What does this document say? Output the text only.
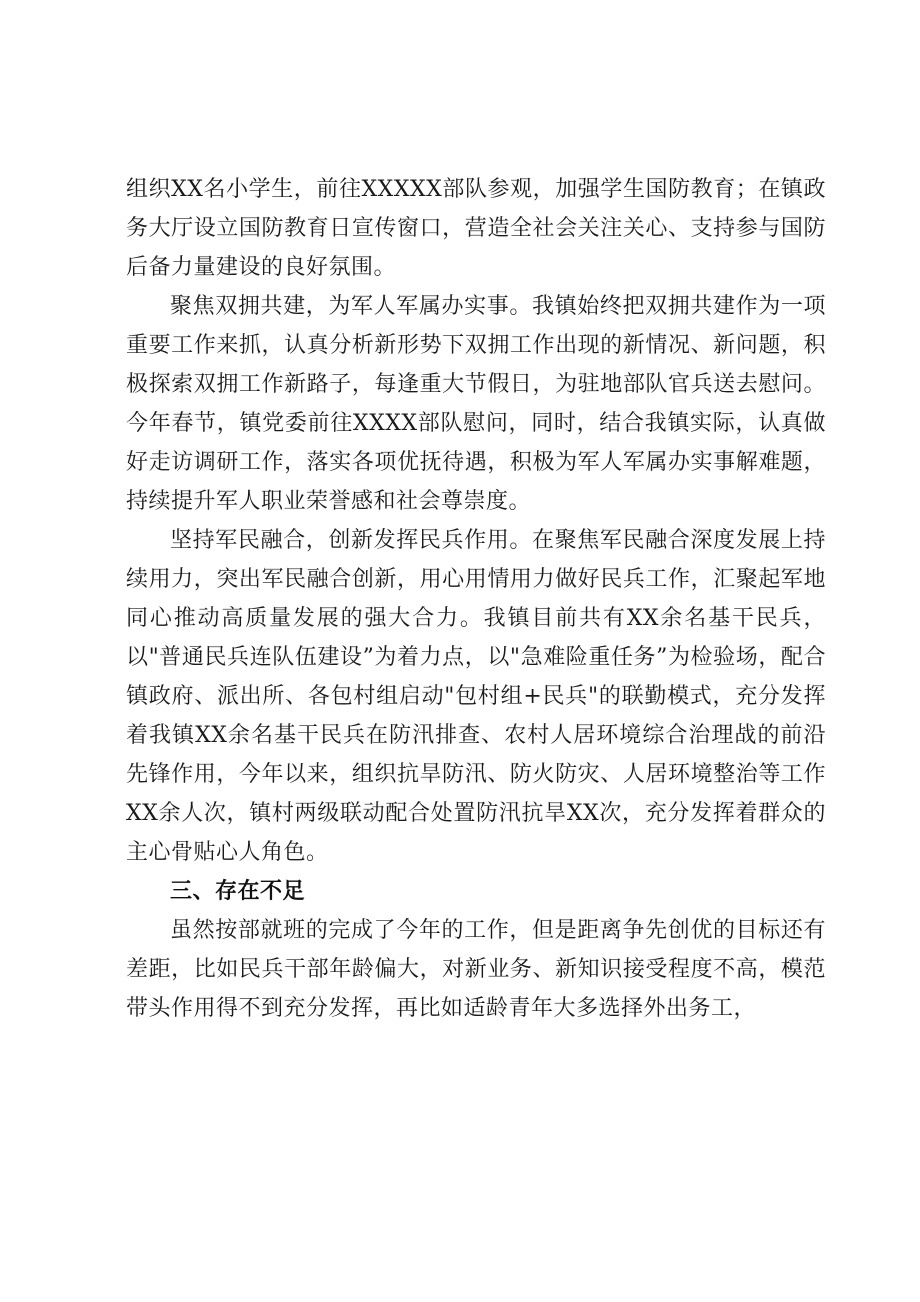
组织XX名小学生，前往XXXXX部队参观，加强学生国防教育；在镇政务大厅设立国防教育日宣传窗口，营造全社会关注关心、支持参与国防后备力量建设的良好氛围。

聚焦双拥共建，为军人军属办实事。我镇始终把双拥共建作为一项重要工作来抓，认真分析新形势下双拥工作出现的新情况、新问题，积极探索双拥工作新路子，每逢重大节假日，为驻地部队官兵送去慰问。今年春节，镇党委前往XXXX部队慰问，同时，结合我镇实际，认真做好走访调研工作，落实各项优抚待遇，积极为军人军属办实事解难题，持续提升军人职业荣誉感和社会尊崇度。

坚持军民融合，创新发挥民兵作用。在聚焦军民融合深度发展上持续用力，突出军民融合创新，用心用情用力做好民兵工作，汇聚起军地同心推动高质量发展的强大合力。我镇目前共有XX余名基干民兵，以"普通民兵连队伍建设”为着力点，以"急难险重任务”为检验场，配合镇政府、派出所、各包村组启动"包村组+民兵"的联勤模式，充分发挥着我镇XX余名基干民兵在防汛排查、农村人居环境综合治理战的前沿先锋作用，今年以来，组织抗旱防汛、防火防灾、人居环境整治等工作XX余人次，镇村两级联动配合处置防汛抗旱XX次，充分发挥着群众的主心骨贴心人角色。

三、存在不足

虽然按部就班的完成了今年的工作，但是距离争先创优的目标还有差距，比如民兵干部年龄偏大，对新业务、新知识接受程度不高，模范带头作用得不到充分发挥，再比如适龄青年大多选择外出务工，
